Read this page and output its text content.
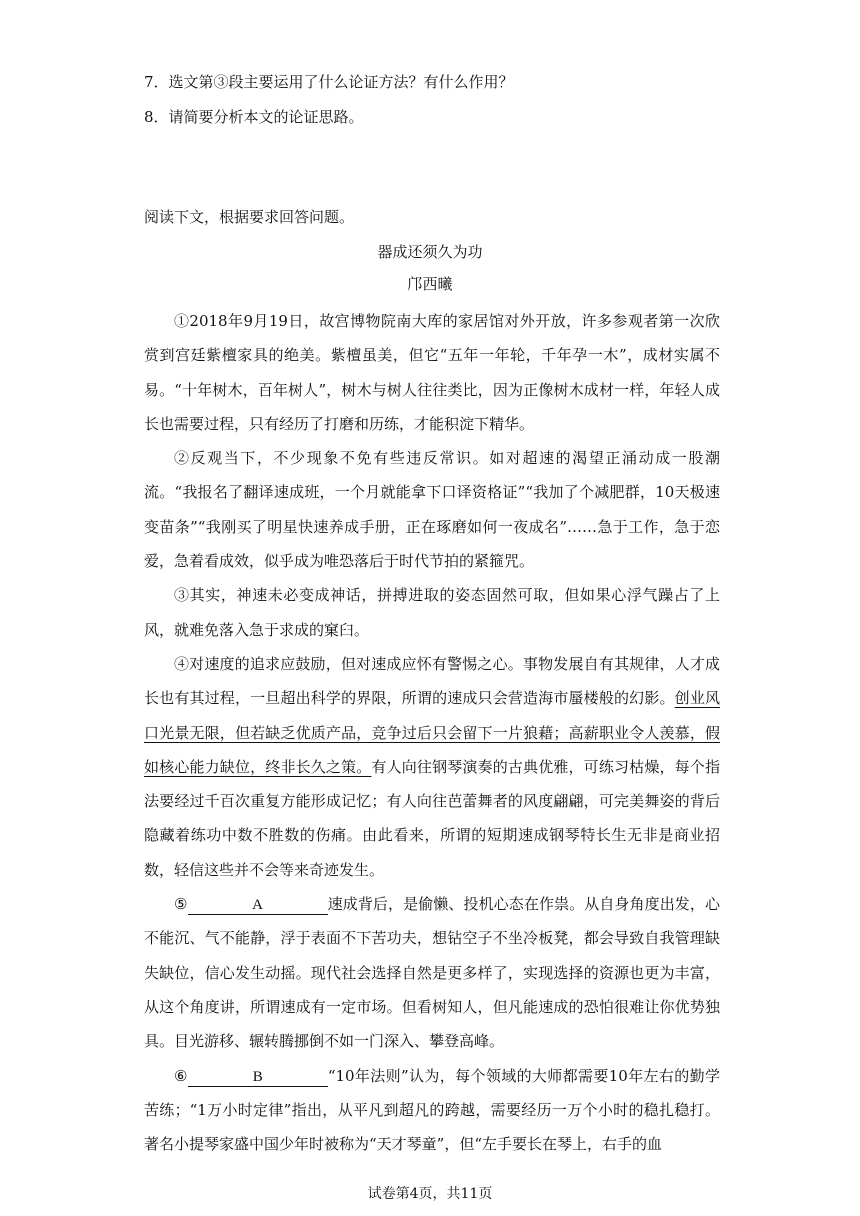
7．选文第③段主要运用了什么论证方法？有什么作用？
8．请简要分析本文的论证思路。
阅读下文，根据要求回答问题。
器成还须久为功
邝西曦

①2018年9月19日，故宫博物院南大库的家居馆对外开放，许多参观者第一次欣赏到宫廷紫檀家具的绝美。紫檀虽美，但它“五年一年轮，千年孕一木”，成材实属不易。“十年树木，百年树人”，树木与树人往往类比，因为正像树木成材一样，年轻人成长也需要过程，只有经历了打磨和历练，才能积淀下精华。

②反观当下，不少现象不免有些违反常识。如对超速的渴望正涌动成一股潮流。“我报名了翻译速成班，一个月就能拿下口译资格证”“我加了个减肥群，10天极速变苗条”“我刚买了明星快速养成手册，正在琢磨如何一夜成名”……急于工作，急于恋爱，急着看成效，似乎成为唯恐落后于时代节拍的紧箍咒。

③其实，神速未必变成神话，拼搏进取的姿态固然可取，但如果心浮气躁占了上风，就难免落入急于求成的窠臼。

④对速度的追求应鼓励，但对速成应怀有警惕之心。事物发展自有其规律，人才成长也有其过程，一旦超出科学的界限，所谓的速成只会营造海市蜃楼般的幻影。创业风口光景无限，但若缺乏优质产品，竞争过后只会留下一片狼藉；高薪职业令人羡慕，假如核心能力缺位，终非长久之策。有人向往钢琴演奏的古典优雅，可练习枯燥，每个指法要经过千百次重复方能形成记忆；有人向往芭蕾舞者的风度翩翩，可完美舞姿的背后隐藏着练功中数不胜数的伤痛。由此看来，所谓的短期速成钢琴特长生无非是商业招数，轻信这些并不会等来奇迹发生。

⑤	A	速成背后，是偷懒、投机心态在作祟。从自身角度出发，心不能沉、气不能静，浮于表面不下苦功夫，想钻空子不坐冷板凳，都会导致自我管理缺失缺位，信心发生动摇。现代社会选择自然是更多样了，实现选择的资源也更为丰富，从这个角度讲，所谓速成有一定市场。但看树知人，但凡能速成的恐怕很难让你优势独具。目光游移、辗转腾挪倒不如一门深入、攀登高峰。

⑥	B	“10年法则”认为，每个领域的大师都需要10年左右的勤学苦练；“1万小时定律”指出，从平凡到超凡的跨越，需要经历一万个小时的稳扎稳打。著名小提琴家盛中国少年时被称为“天才琴童”，但“左手要长在琴上，右手的血

试卷第4页，共11页
